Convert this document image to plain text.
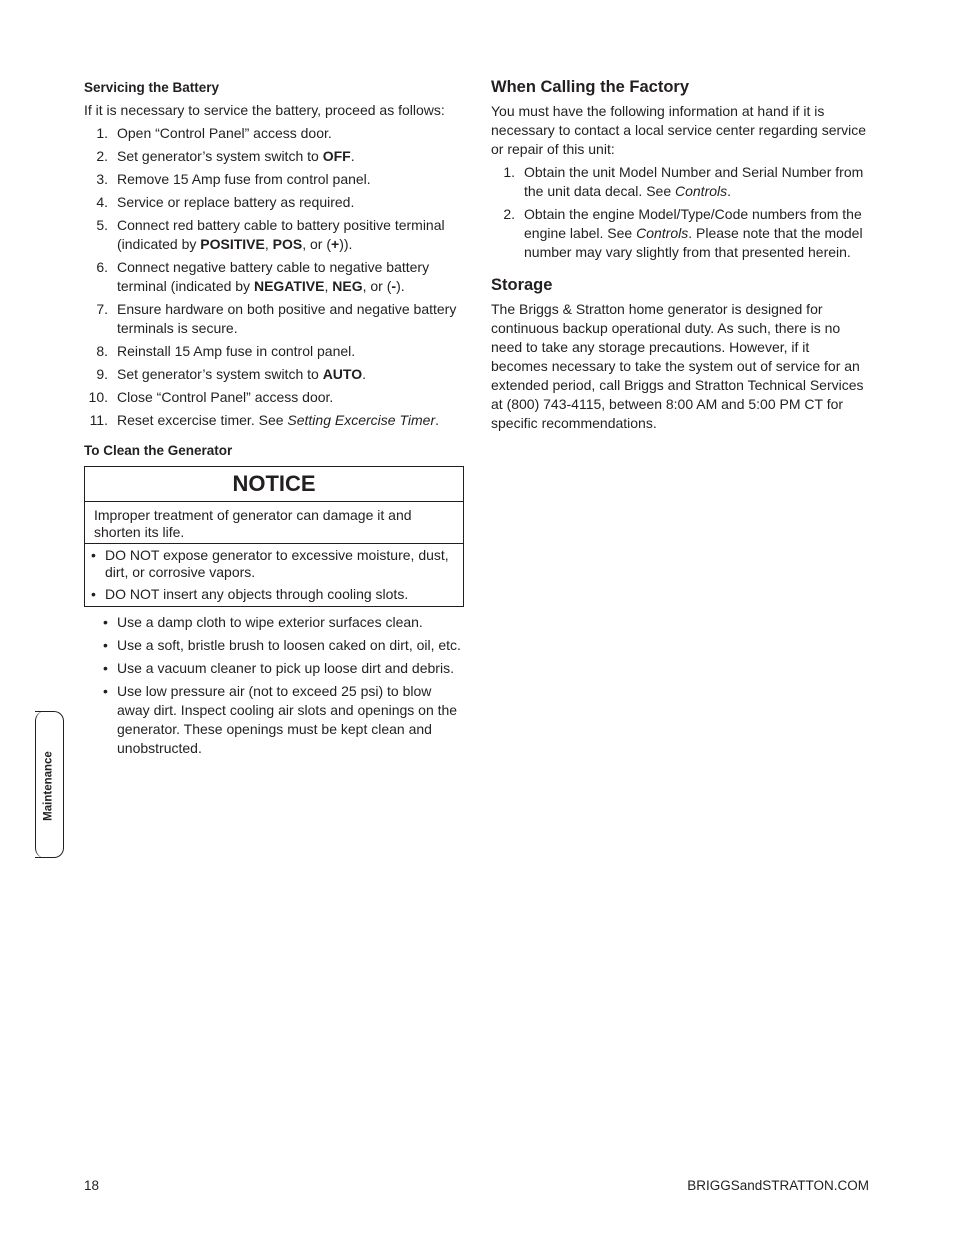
Servicing the Battery

If it is necessary to service the battery, proceed as follows:

1. Open “Control Panel” access door.
2. Set generator’s system switch to OFF.
3. Remove 15 Amp fuse from control panel.
4. Service or replace battery as required.
5. Connect red battery cable to battery positive terminal (indicated by POSITIVE, POS, or (+)).
6. Connect negative battery cable to negative battery terminal (indicated by NEGATIVE, NEG, or (-).
7. Ensure hardware on both positive and negative battery terminals is secure.
8. Reinstall 15 Amp fuse in control panel.
9. Set generator’s system switch to AUTO.
10. Close “Control Panel” access door.
11. Reset excercise timer. See Setting Excercise Timer.
To Clean the Generator
NOTICE
Improper treatment of generator can damage it and shorten its life.
• DO NOT expose generator to excessive moisture, dust, dirt, or corrosive vapors.
• DO NOT insert any objects through cooling slots.
• Use a damp cloth to wipe exterior surfaces clean.
• Use a soft, bristle brush to loosen caked on dirt, oil, etc.
• Use a vacuum cleaner to pick up loose dirt and debris.
• Use low pressure air (not to exceed 25 psi) to blow away dirt. Inspect cooling air slots and openings on the generator. These openings must be kept clean and unobstructed.
When Calling the Factory

You must have the following information at hand if it is necessary to contact a local service center regarding service or repair of this unit:

1. Obtain the unit Model Number and Serial Number from the unit data decal. See Controls.
2. Obtain the engine Model/Type/Code numbers from the engine label. See Controls. Please note that the model number may vary slightly from that presented herein.
Storage

The Briggs & Stratton home generator is designed for continuous backup operational duty. As such, there is no need to take any storage precautions. However, if it becomes necessary to take the system out of service for an extended period, call Briggs and Stratton Technical Services at (800) 743-4115, between 8:00 AM and 5:00 PM CT for specific recommendations.

Maintenance
18	BRIGGSandSTRATTON.COM
